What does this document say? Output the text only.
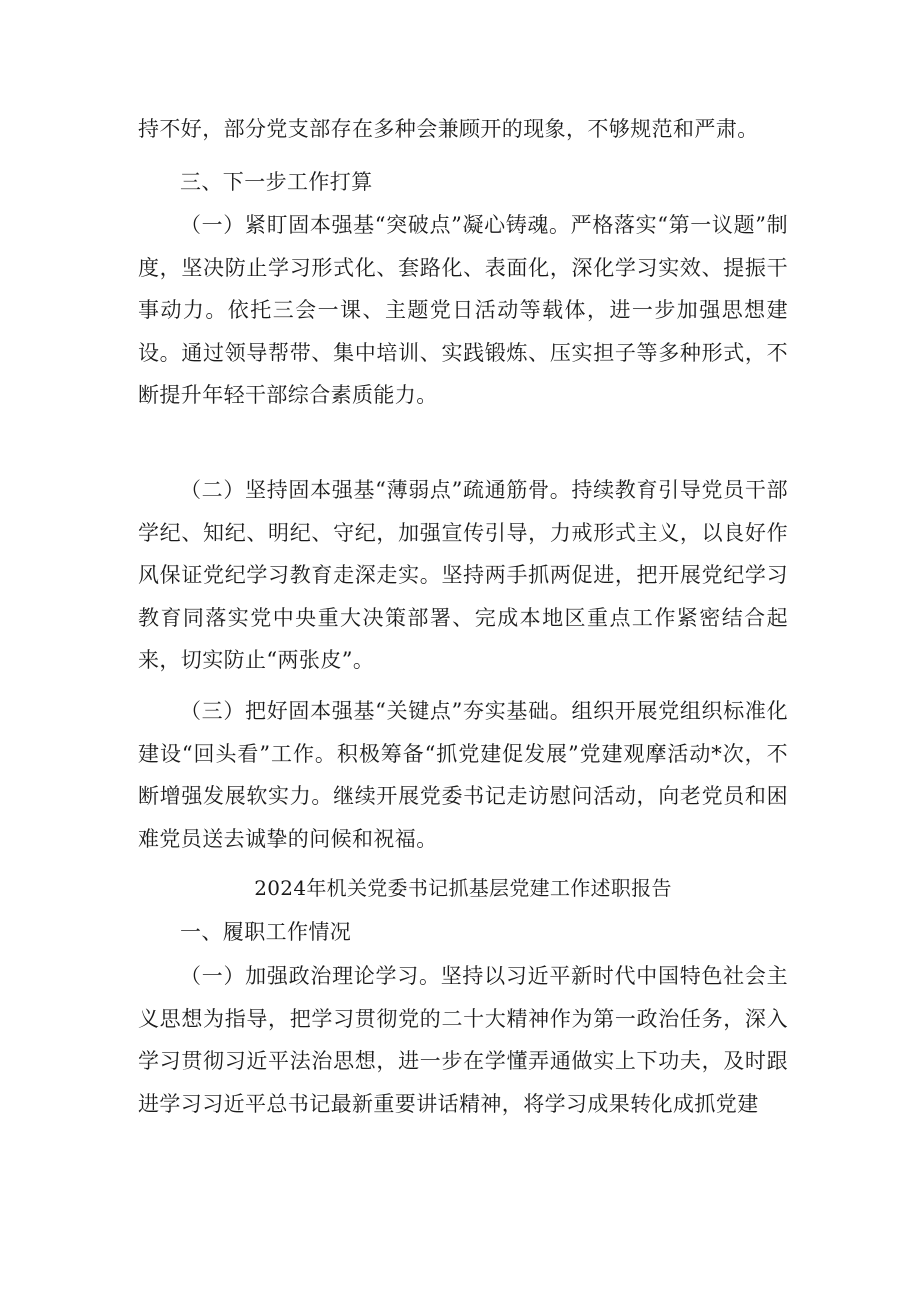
持不好，部分党支部存在多种会兼顾开的现象，不够规范和严肃。

三、下一步工作打算

（一）紧盯固本强基“突破点”凝心铸魂。严格落实“第一议题”制度，坚决防止学习形式化、套路化、表面化，深化学习实效、提振干事动力。依托三会一课、主题党日活动等载体，进一步加强思想建设。通过领导帮带、集中培训、实践锻炼、压实担子等多种形式，不断提升年轻干部综合素质能力。

（二）坚持固本强基“薄弱点”疏通筋骨。持续教育引导党员干部学纪、知纪、明纪、守纪，加强宣传引导，力戒形式主义，以良好作风保证党纪学习教育走深走实。坚持两手抓两促进，把开展党纪学习教育同落实党中央重大决策部署、完成本地区重点工作紧密结合起来，切实防止“两张皮”。

（三）把好固本强基“关键点”夯实基础。组织开展党组织标准化建设“回头看”工作。积极筹备“抓党建促发展”党建观摩活动*次，不断增强发展软实力。继续开展党委书记走访慰问活动，向老党员和困难党员送去诚挚的问候和祝福。

2024年机关党委书记抓基层党建工作述职报告

一、履职工作情况

（一）加强政治理论学习。坚持以习近平新时代中国特色社会主义思想为指导，把学习贯彻党的二十大精神作为第一政治任务，深入学习贯彻习近平法治思想，进一步在学懂弄通做实上下功夫，及时跟进学习习近平总书记最新重要讲话精神，将学习成果转化成抓党建
